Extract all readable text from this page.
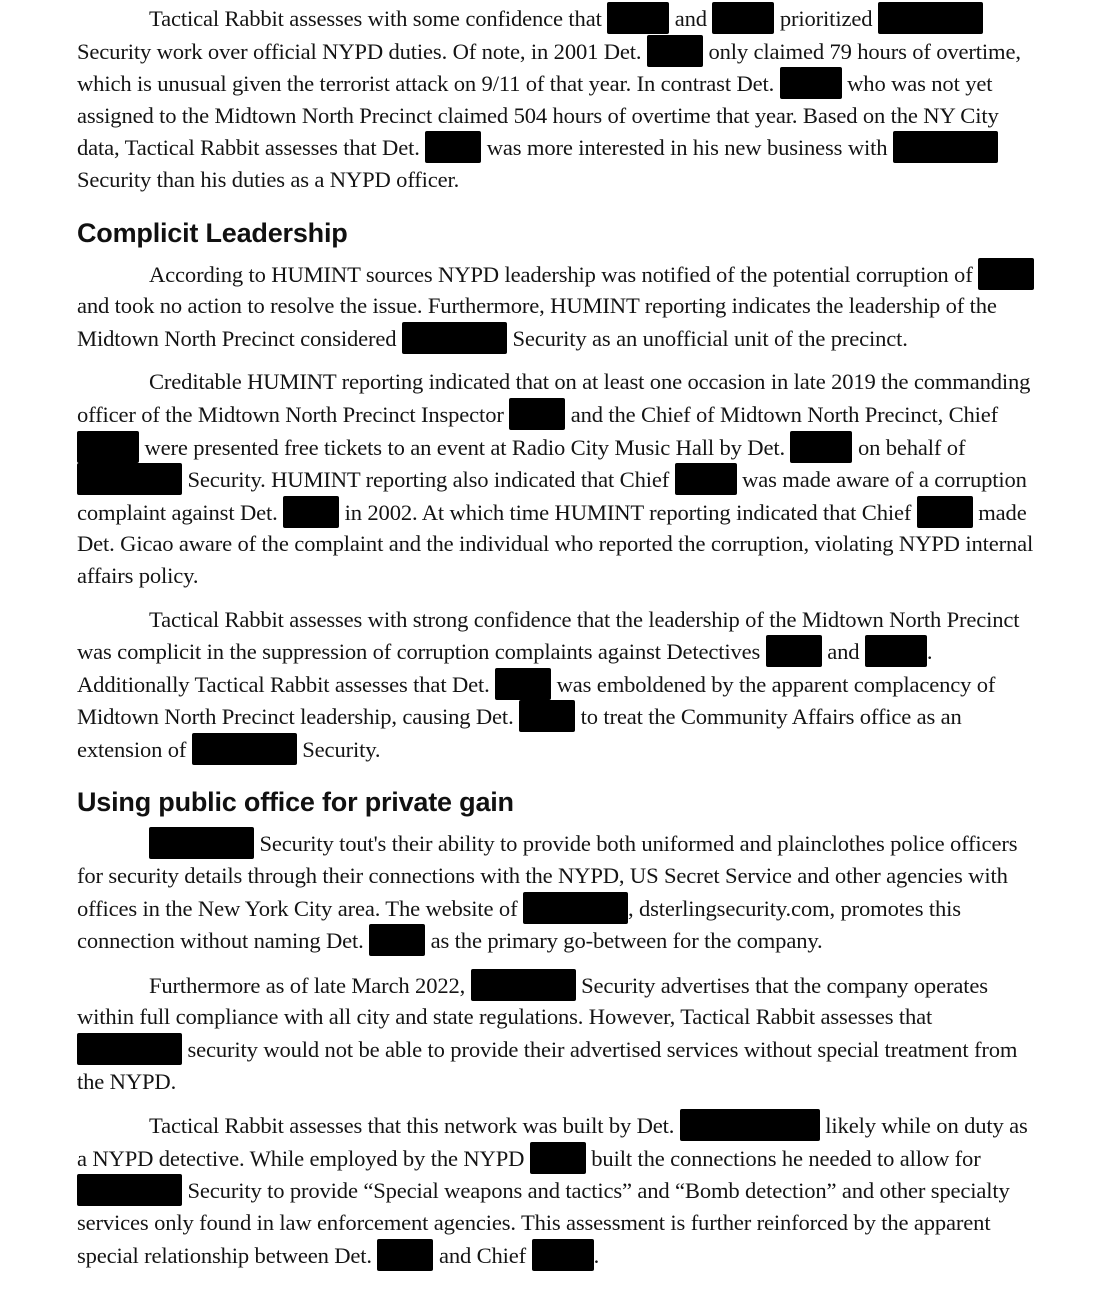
Tactical Rabbit assesses with some confidence that	and	prioritized  Security work over official NYPD duties. Of note, in 2001 Det.	only claimed 79 hours of overtime, which is unusual given the terrorist attack on 9/11 of that year. In contrast Det.	who was not yet assigned to the Midtown North Precinct claimed 504 hours of overtime that year. Based on the NY City data, Tactical Rabbit assesses that Det.	was more interested in his new business with  Security than his duties as a NYPD officer.

Complicit Leadership

According to HUMINT sources NYPD leadership was notified of the potential corruption of  and took no action to resolve the issue. Furthermore, HUMINT reporting indicates the leadership of the Midtown North Precinct considered	Security as an unofficial unit of the precinct.

Creditable HUMINT reporting indicated that on at least one occasion in late 2019 the commanding officer of the Midtown North Precinct Inspector	and the Chief of Midtown North Precinct, Chief  were presented free tickets to an event at Radio City Music Hall by Det.	on behalf of  Security. HUMINT reporting also indicated that Chief	was made aware of a corruption complaint against Det.	in 2002. At which time HUMINT reporting indicated that Chief	made Det. Gicao aware of the complaint and the individual who reported the corruption, violating NYPD internal affairs policy.

Tactical Rabbit assesses with strong confidence that the leadership of the Midtown North Precinct was complicit in the suppression of corruption complaints against Detectives	and	. Additionally Tactical Rabbit assesses that Det.	was emboldened by the apparent complacency of Midtown North Precinct leadership, causing Det.	to treat the Community Affairs office as an extension of	Security.

Using public office for private gain

Security tout's their ability to provide both uniformed and plainclothes police officers for security details through their connections with the NYPD, US Secret Service and other agencies with offices in the New York City area. The website of	, dsterlingsecurity.com, promotes this connection without naming Det.	as the primary go-between for the company.

Furthermore as of late March 2022,	Security advertises that the company operates within full compliance with all city and state regulations. However, Tactical Rabbit assesses that  security would not be able to provide their advertised services without special treatment from the NYPD.

Tactical Rabbit assesses that this network was built by Det.	likely while on duty as a NYPD detective. While employed by the NYPD	built the connections he needed to allow for  Security to provide “Special weapons and tactics” and “Bomb detection” and other specialty services only found in law enforcement agencies. This assessment is further reinforced by the apparent special relationship between Det.	and Chief	.
